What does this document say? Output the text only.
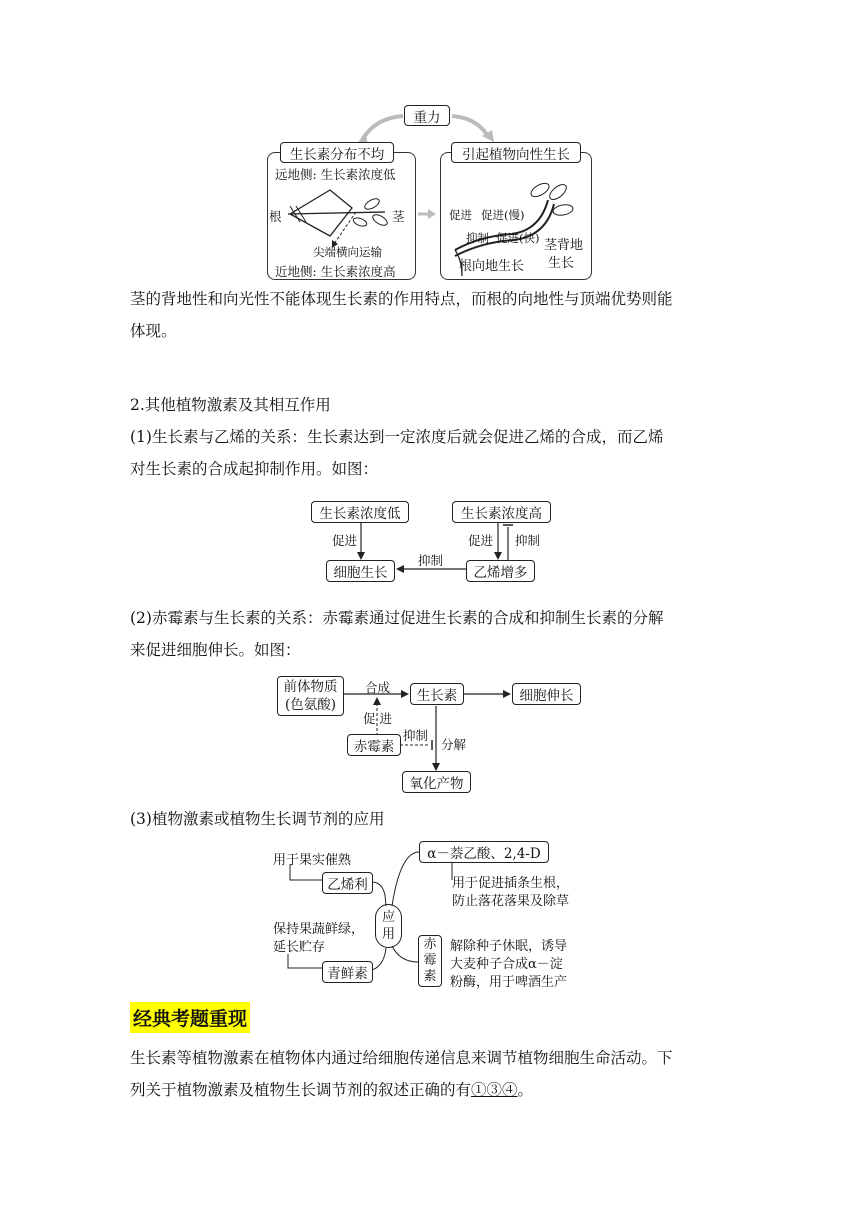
重力
生长素分布不均
远地侧: 生长素浓度低
根	茎
尖端横向运输
近地侧: 生长素浓度高
引起植物向性生长
促进 促进(慢)
抑制 促进(快)
根向地生长
茎背地
生长

茎的背地性和向光性不能体现生长素的作用特点，而根的向地性与顶端优势则能
体现。

2.其他植物激素及其相互作用

(1)生长素与乙烯的关系：生长素达到一定浓度后就会促进乙烯的合成，而乙烯
对生长素的合成起抑制作用。如图：

生长素浓度低	生长素浓度高
促进	促进 抑制
抑制
细胞生长	乙烯增多

(2)赤霉素与生长素的关系：赤霉素通过促进生长素的合成和抑制生长素的分解
来促进细胞伸长。如图：

前体物质
(色氨酸)
合成
生长素	细胞伸长
促 进
赤霉素
抑制
分解
氧化产物

(3)植物激素或植物生长调节剂的应用

用于果实催熟
乙烯利
α－萘乙酸、2,4-D
用于促进插条生根，
防止落花落果及除草
应
用
保持果蔬鲜绿，
延长贮存
青鲜素
赤
霉
素
解除种子休眠，诱导
大麦种子合成α－淀
粉酶，用于啤酒生产
经典考题重现

生长素等植物激素在植物体内通过给细胞传递信息来调节植物细胞生命活动。下
列关于植物激素及植物生长调节剂的叙述正确的有①③④。
